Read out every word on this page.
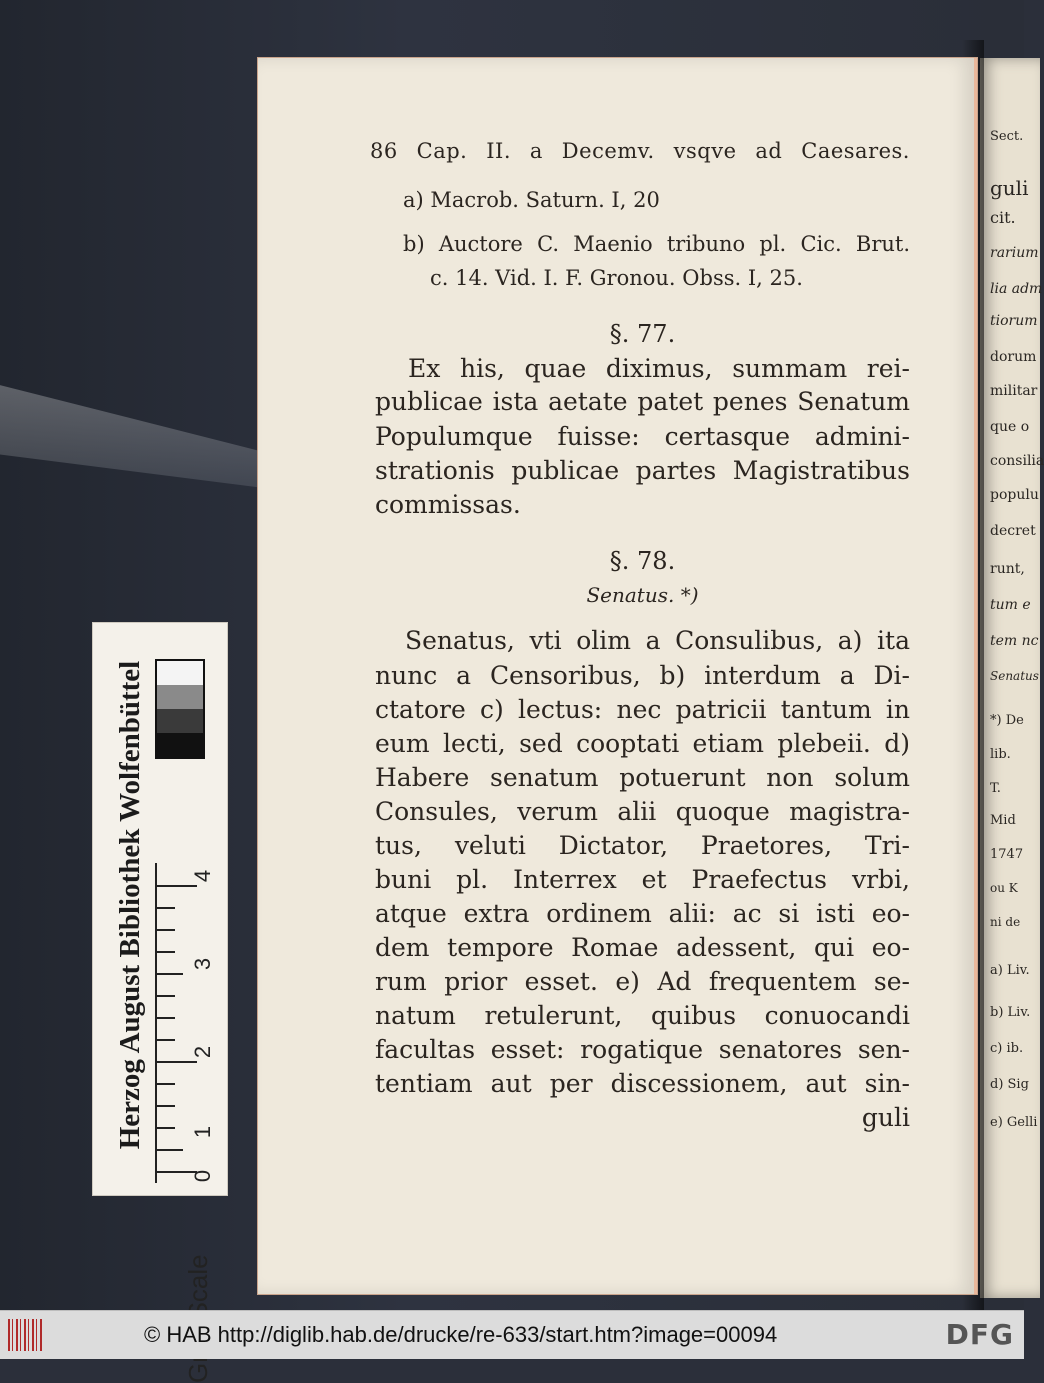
Sect.
guli
cit.
rarium
lia adm
tiorum
dorum
militar
que o
consilia
populu
decret
runt,
tum e
tem nc
Senatus
*) De
lib.
T.
Mid
1747
ou K
ni de
a) Liv.
b) Liv.
c) ib.
d) Sig
e) Gelli
86 Cap. II. a Decemv. vsqve ad Caesares.
a) Macrob. Saturn. I, 20
b) Auctore C. Maenio tribuno pl. Cic. Brut.
c. 14. Vid. I. F. Gronou. Obss. I, 25.
§. 77.
Ex his, quae diximus, summam rei-
publicae ista aetate patet penes Senatum
Populumque fuisse: certasque admini-
strationis publicae partes Magistratibus
commissas.
§. 78.
Senatus. *)
Senatus, vti olim a Consulibus, a) ita
nunc a Censoribus, b) interdum a Di-
ctatore c) lectus: nec patricii tantum in
eum lecti, sed cooptati etiam plebeii. d)
Habere senatum potuerunt non solum
Consules, verum alii quoque magistra-
tus, veluti Dictator, Praetores, Tri-
buni pl. Interrex et Praefectus vrbi,
atque extra ordinem alii: ac si isti eo-
dem tempore Romae adessent, qui eo-
rum prior esset. e) Ad frequentem se-
natum retulerunt, quibus conuocandi
facultas esset: rogatique senatores sen-
tentiam aut per discessionem, aut sin-
guli
Herzog August Bibliothek Wolfenbüttel	4
3
2
1
0
© HAB http://diglib.hab.de/drucke/re-633/start.htm?image=00094	DFG
